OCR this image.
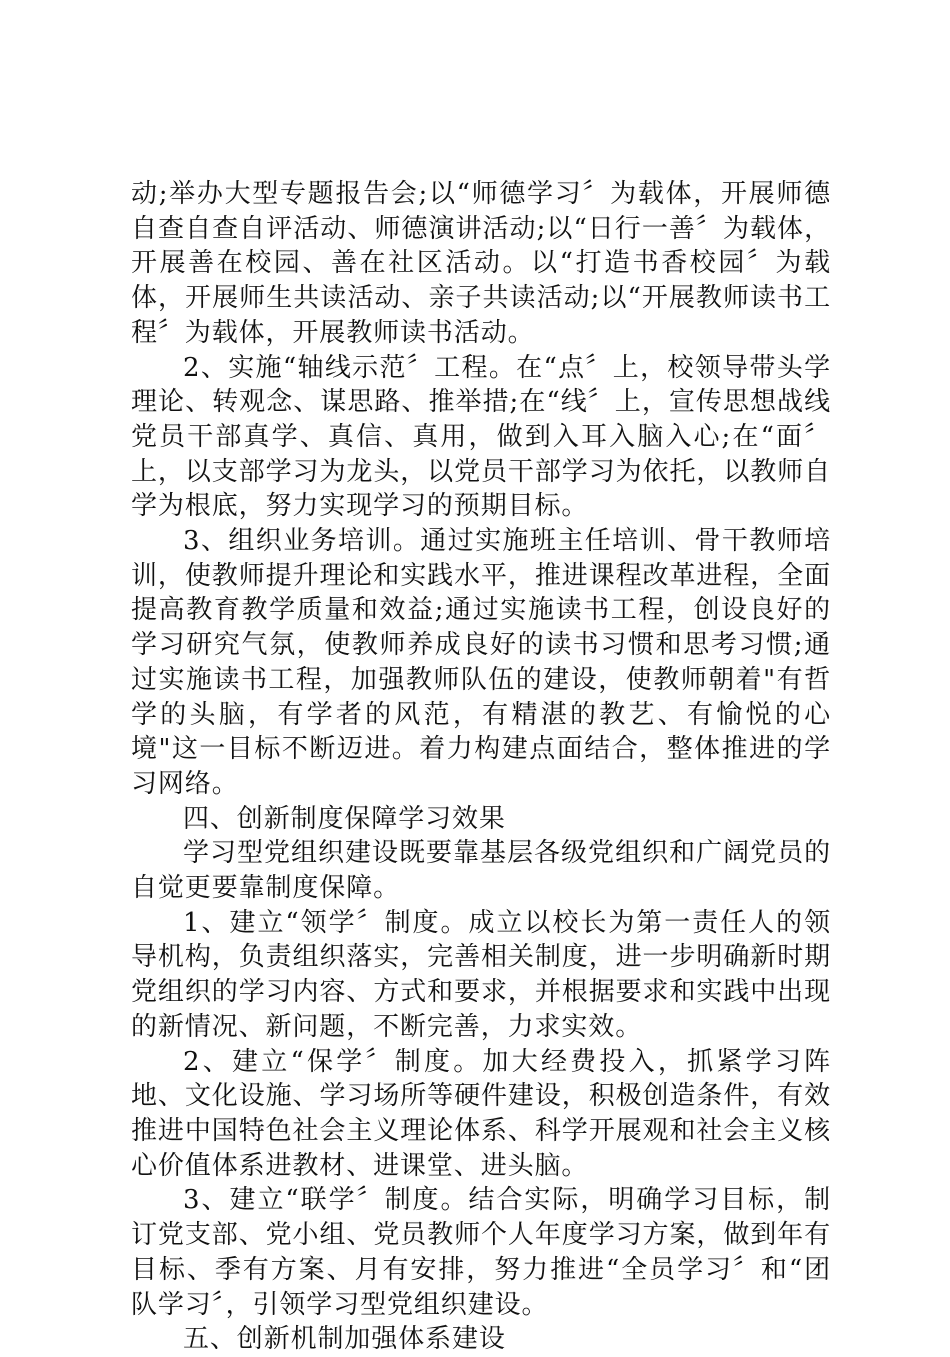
动;举办大型专题报告会;以“师德学习〞为载体，开展师德自查自查自评活动、师德演讲活动;以“日行一善〞为载体，开展善在校园、善在社区活动。以“打造书香校园〞为载体，开展师生共读活动、亲子共读活动;以“开展教师读书工程〞为载体，开展教师读书活动。

2、实施“轴线示范〞工程。在“点〞上，校领导带头学理论、转观念、谋思路、推举措;在“线〞上，宣传思想战线党员干部真学、真信、真用，做到入耳入脑入心;在“面〞上，以支部学习为龙头，以党员干部学习为依托，以教师自学为根底，努力实现学习的预期目标。

3、组织业务培训。通过实施班主任培训、骨干教师培训，使教师提升理论和实践水平，推进课程改革进程，全面提高教育教学质量和效益;通过实施读书工程，创设良好的学习研究气氛，使教师养成良好的读书习惯和思考习惯;通过实施读书工程，加强教师队伍的建设，使教师朝着"有哲学的头脑，有学者的风范，有精湛的教艺、有愉悦的心境"这一目标不断迈进。着力构建点面结合，整体推进的学习网络。

四、创新制度保障学习效果

学习型党组织建设既要靠基层各级党组织和广阔党员的自觉更要靠制度保障。

1、建立“领学〞制度。成立以校长为第一责任人的领导机构，负责组织落实，完善相关制度，进一步明确新时期党组织的学习内容、方式和要求，并根据要求和实践中出现的新情况、新问题，不断完善，力求实效。

2、建立“保学〞制度。加大经费投入，抓紧学习阵地、文化设施、学习场所等硬件建设，积极创造条件，有效推进中国特色社会主义理论体系、科学开展观和社会主义核心价值体系进教材、进课堂、进头脑。

3、建立“联学〞制度。结合实际，明确学习目标，制订党支部、党小组、党员教师个人年度学习方案，做到年有目标、季有方案、月有安排，努力推进“全员学习〞和“团队学习〞，引领学习型党组织建设。

五、创新机制加强体系建设
